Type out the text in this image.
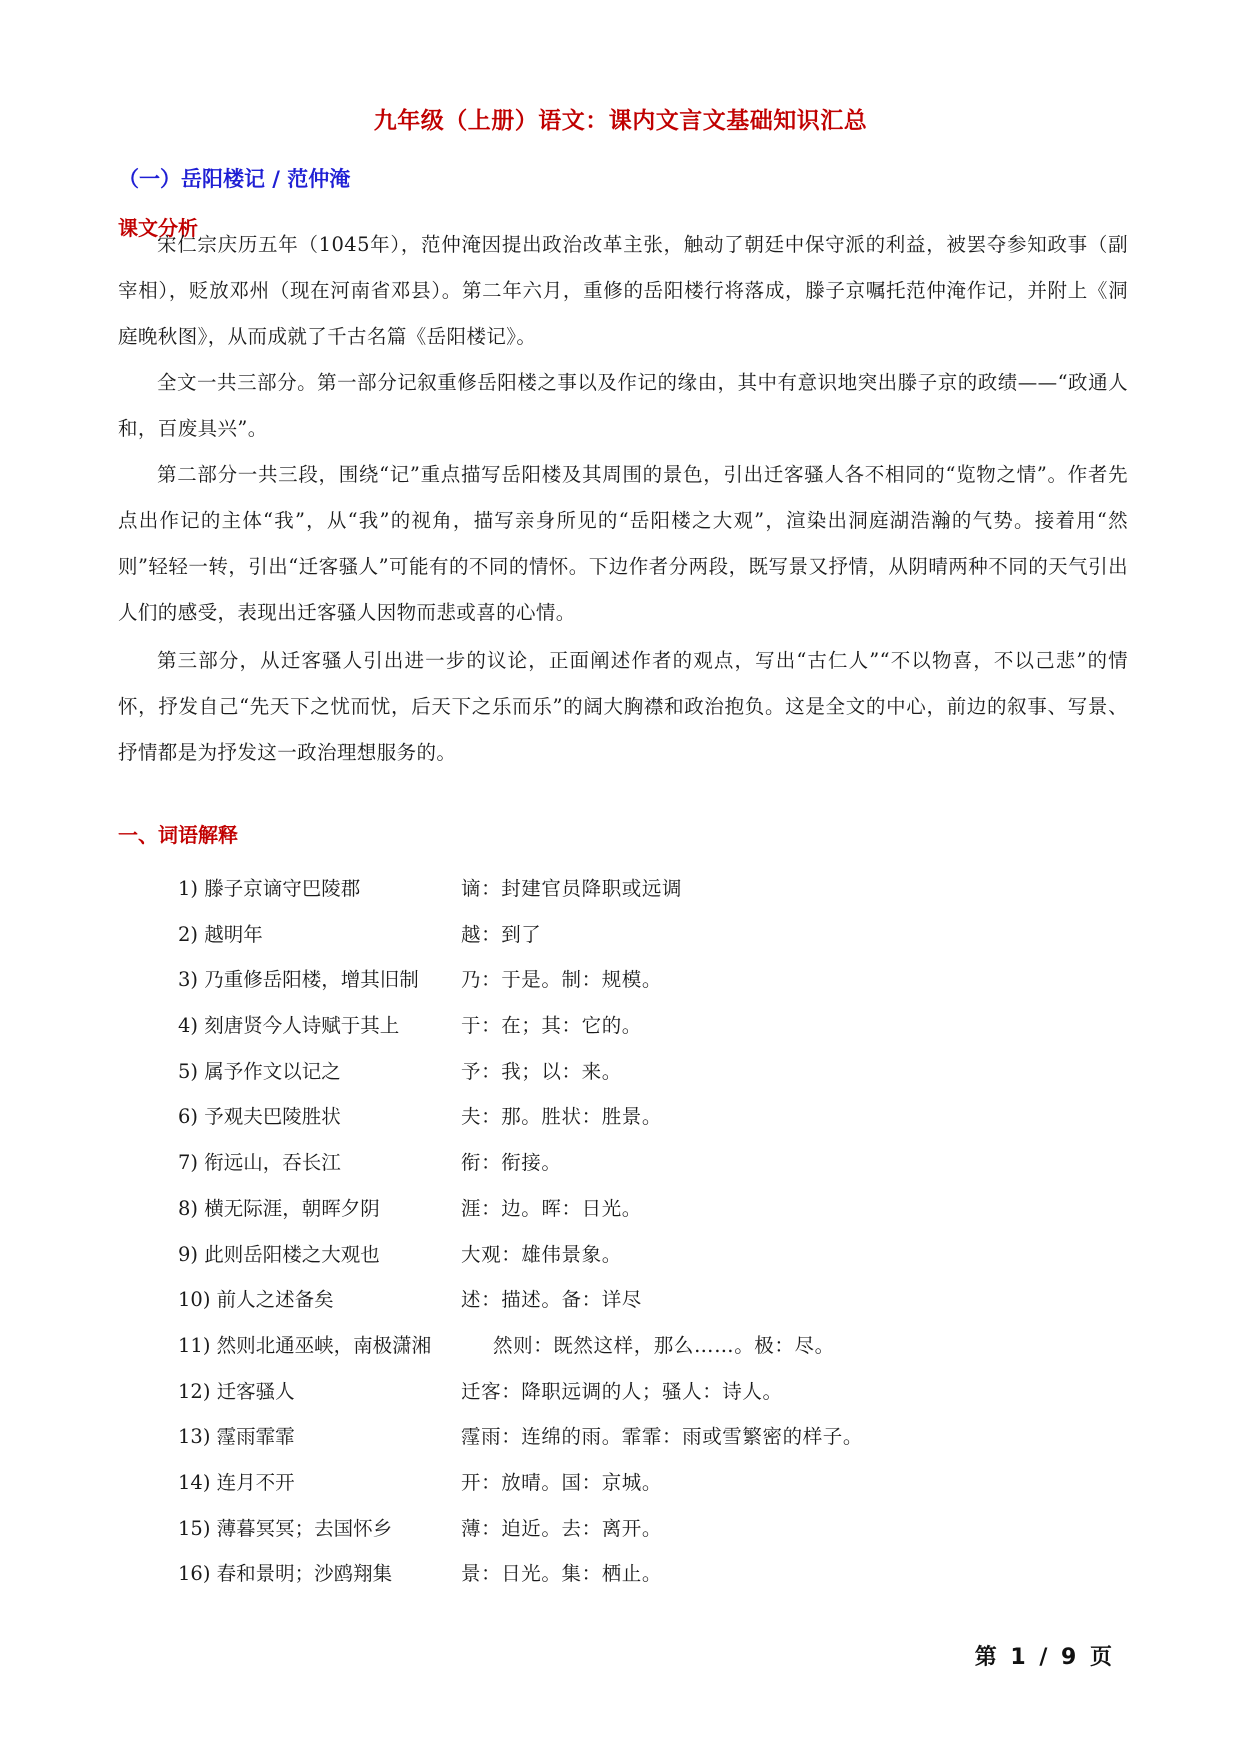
九年级（上册）语文：课内文言文基础知识汇总
（一）岳阳楼记 / 范仲淹
课文分析

宋仁宗庆历五年（1045年），范仲淹因提出政治改革主张，触动了朝廷中保守派的利益，被罢夺参知政事（副宰相），贬放邓州（现在河南省邓县）。第二年六月，重修的岳阳楼行将落成，滕子京嘱托范仲淹作记，并附上《洞庭晚秋图》，从而成就了千古名篇《岳阳楼记》。

全文一共三部分。第一部分记叙重修岳阳楼之事以及作记的缘由，其中有意识地突出滕子京的政绩——“政通人和，百废具兴”。

第二部分一共三段，围绕“记”重点描写岳阳楼及其周围的景色，引出迁客骚人各不相同的“览物之情”。作者先点出作记的主体“我”，从“我”的视角，描写亲身所见的“岳阳楼之大观”，渲染出洞庭湖浩瀚的气势。接着用“然则”轻轻一转，引出“迁客骚人”可能有的不同的情怀。下边作者分两段，既写景又抒情，从阴晴两种不同的天气引出人们的感受，表现出迁客骚人因物而悲或喜的心情。

第三部分，从迁客骚人引出进一步的议论，正面阐述作者的观点，写出“古仁人”“不以物喜，不以己悲”的情怀，抒发自己“先天下之忧而忧，后天下之乐而乐”的阔大胸襟和政治抱负。这是全文的中心，前边的叙事、写景、抒情都是为抒发这一政治理想服务的。

一、词语解释
1) 滕子京谪守巴陵郡	谪：封建官员降职或远调
2) 越明年	越：到了
3) 乃重修岳阳楼，增其旧制 乃：于是。制：规模。
4) 刻唐贤今人诗赋于其上	于：在；其：它的。
5) 属予作文以记之	予：我；以：来。
6) 予观夫巴陵胜状	夫：那。胜状：胜景。
7) 衔远山，吞长江	衔：衔接。
8) 横无际涯，朝晖夕阴	涯：边。晖：日光。
9) 此则岳阳楼之大观也	大观：雄伟景象。
10) 前人之述备矣	述：描述。备：详尽
11) 然则北通巫峡，南极潇湘	然则：既然这样，那么……。极：尽。
12) 迁客骚人	迁客：降职远调的人；骚人：诗人。
13) 霪雨霏霏	霪雨：连绵的雨。霏霏：雨或雪繁密的样子。
14) 连月不开	开：放晴。国：京城。
15) 薄暮冥冥；去国怀乡	薄：迫近。去：离开。
16) 春和景明；沙鸥翔集	景：日光。集：栖止。
第 1 / 9 页
